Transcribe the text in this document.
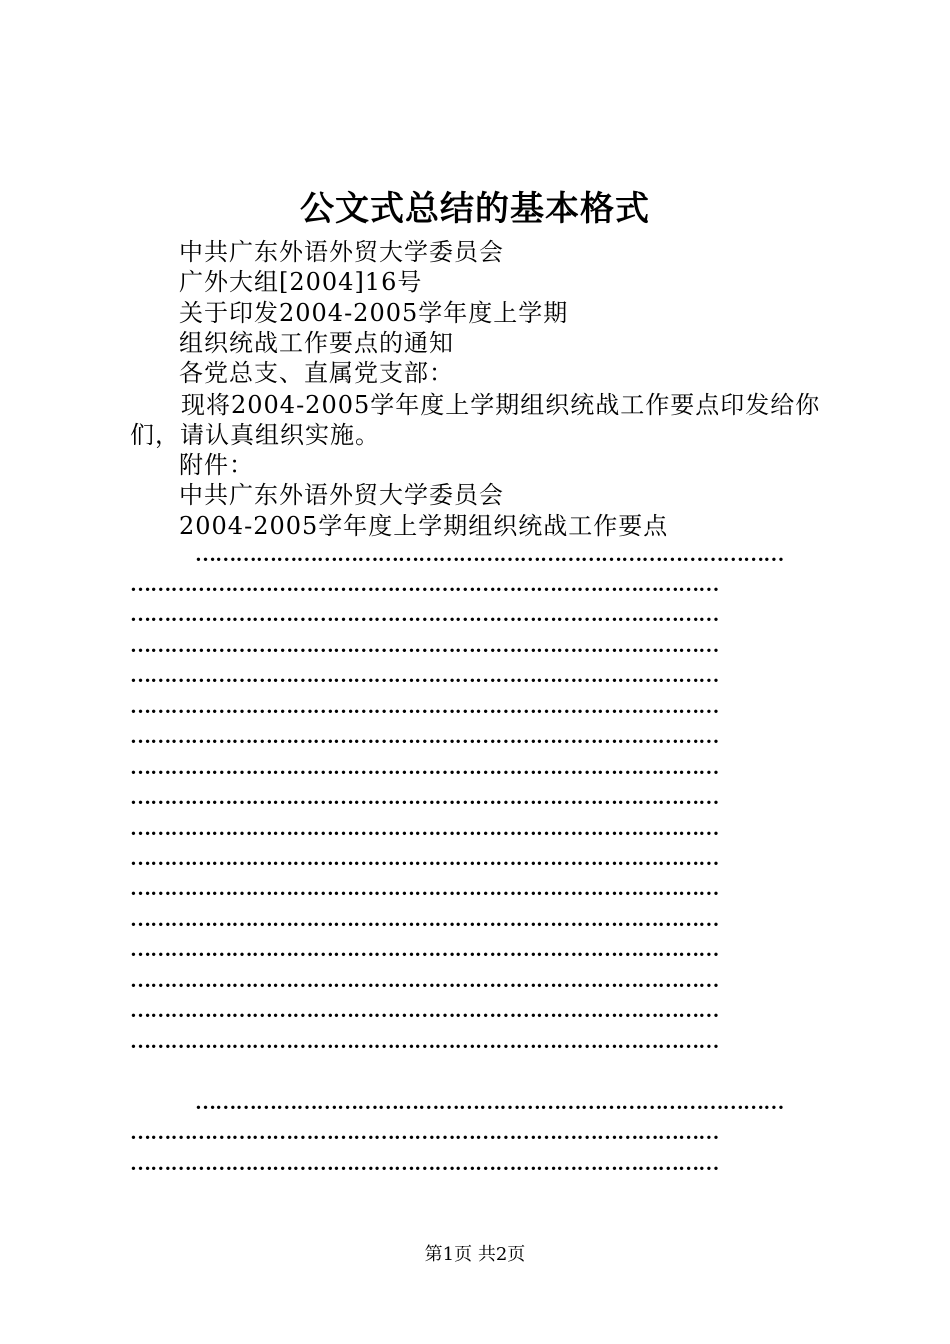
公文式总结的基本格式
中共广东外语外贸大学委员会
广外大组[2004]16号
关于印发2004-2005学年度上学期
组织统战工作要点的通知
各党总支、直属党支部：
现将2004-2005学年度上学期组织统战工作要点印发给你
们，请认真组织实施。
附件：
中共广东外语外贸大学委员会
2004-2005学年度上学期组织统战工作要点
……………………………………………………………………………
……………………………………………………………………………
……………………………………………………………………………
……………………………………………………………………………
……………………………………………………………………………
……………………………………………………………………………
……………………………………………………………………………
……………………………………………………………………………
……………………………………………………………………………
……………………………………………………………………………
……………………………………………………………………………
……………………………………………………………………………
……………………………………………………………………………
……………………………………………………………………………
……………………………………………………………………………
……………………………………………………………………………
……………………………………………………………………………
……………………………………………………………………………
……………………………………………………………………………
……………………………………………………………………………
第1页 共2页
